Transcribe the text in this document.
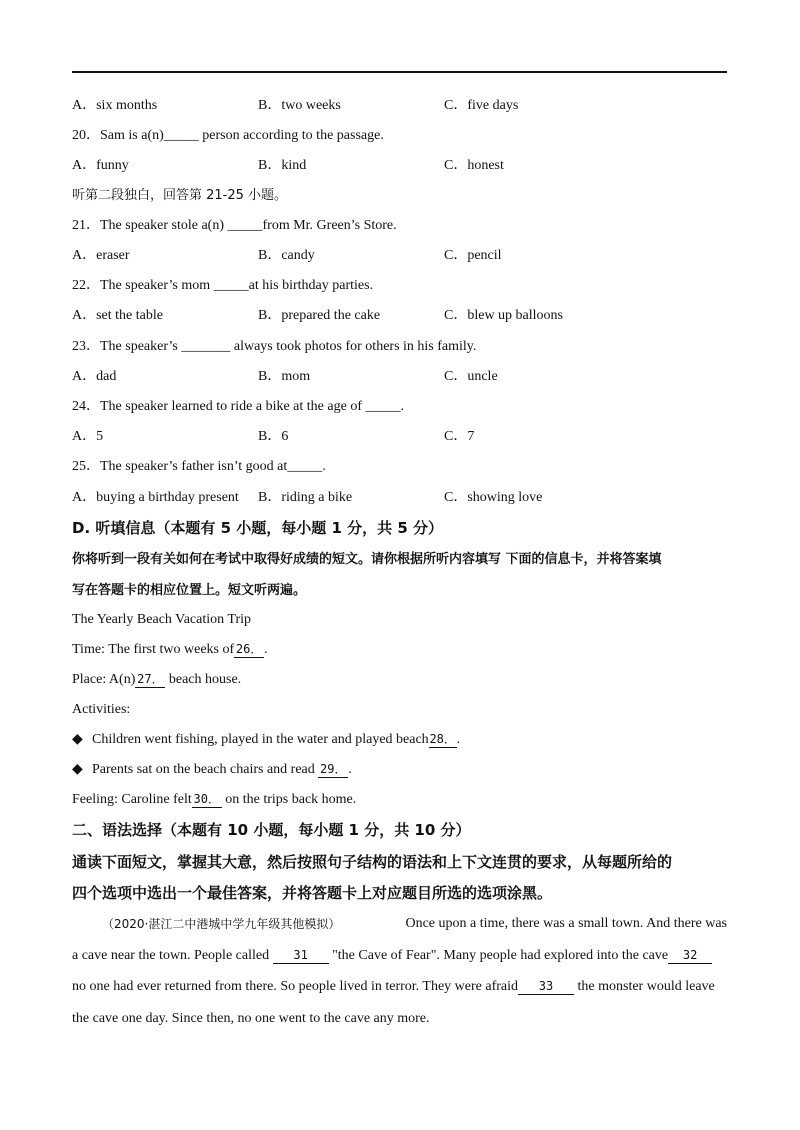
A．six months	B．two weeks	C．five days
20．Sam is a(n)_____ person according to the passage.
A．funny	B．kind	C．honest
听第二段独白，回答第 21-25 小题。
21．The speaker stole a(n) _____from Mr. Green’s Store.
A．eraser	B．candy	C．pencil
22．The speaker’s mom _____at his birthday parties.
A．set the table	B．prepared the cake	C．blew up balloons
23．The speaker’s _______ always took photos for others in his family.
A．dad	B．mom	C．uncle
24．The speaker learned to ride a bike at the age of _____.
A．5	B．6	C．7
25．The speaker’s father isn’t good at_____.
A．buying a birthday present B．riding a bike	C．showing love
D. 听填信息（本题有 5 小题，每小题 1 分，共 5 分）
你将听到一段有关如何在考试中取得好成绩的短文。请你根据所听内容填写 下面的信息卡，并将答案填
写在答题卡的相应位置上。短文听两遍。
The Yearly Beach Vacation Trip
Time: The first two weeks of 26． .
Place: A(n) 27． beach house.
Activities:
◆ Children went fishing, played in the water and played beach28．.
◆ Parents sat on the beach chairs and read 29． .
Feeling: Caroline felt 30． on the trips back home.
二、语法选择（本题有 10 小题，每小题 1 分，共 10 分）
通读下面短文，掌握其大意，然后按照句子结构的语法和上下文连贯的要求，从每题所给的
四个选项中选出一个最佳答案，并将答题卡上对应题目所选的选项涂黑。
（2020·湛江二中港城中学九年级其他模拟）	Once upon a time, there was a small town. And there was
a cave near the town. People called 31 "the Cave of Fear". Many people had explored into the cave 32
no one had ever returned from there. So people lived in terror. They were afraid 33 the monster would leave
the cave one day. Since then, no one went to the cave any more.
